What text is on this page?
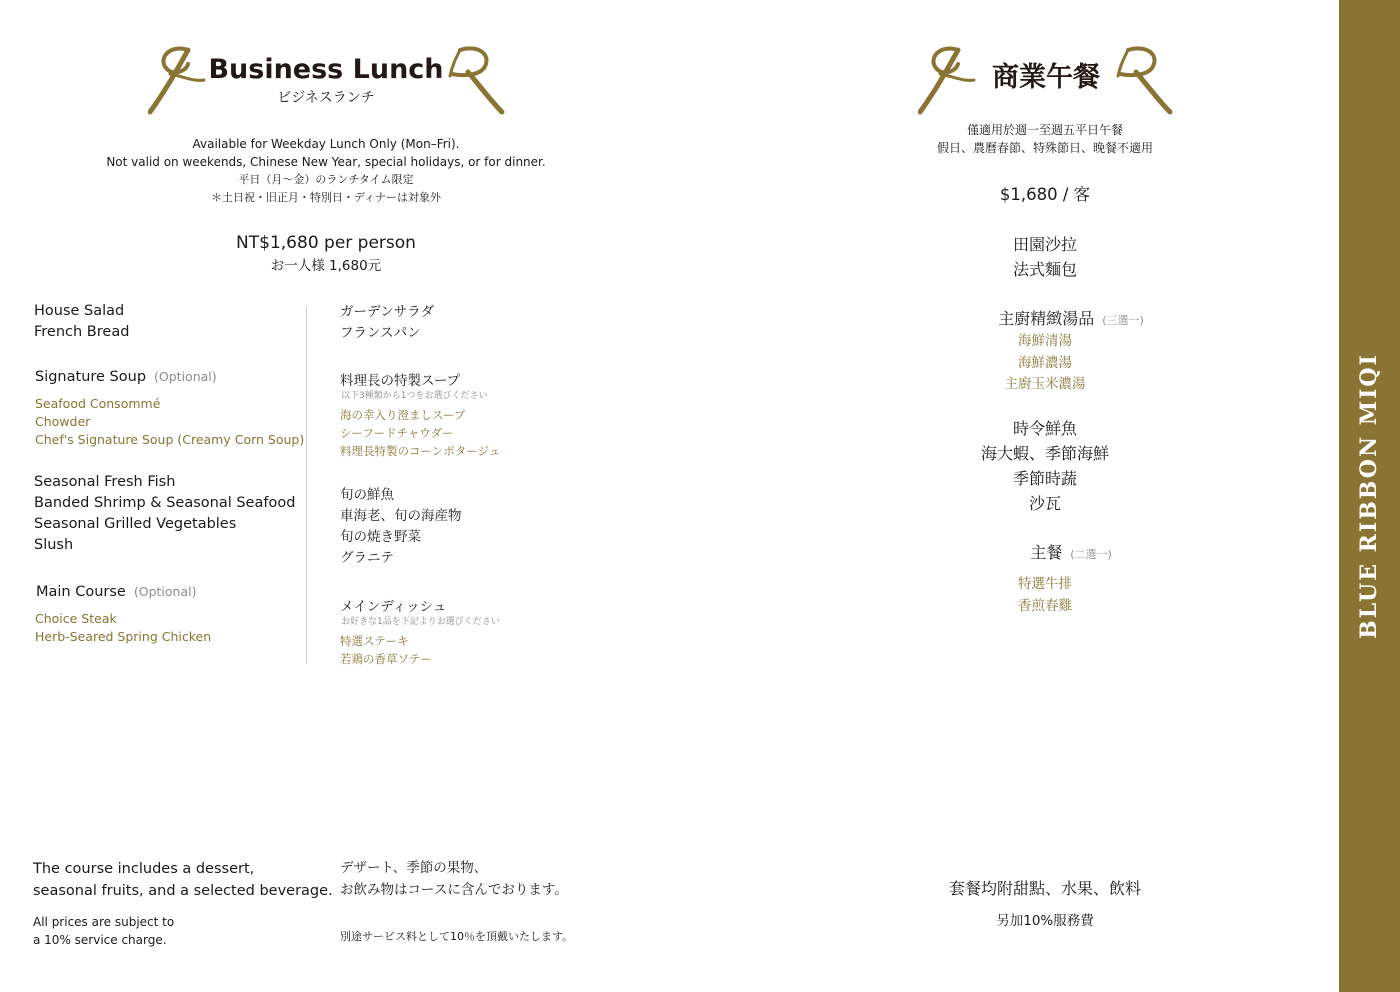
Business Lunch
ビジネスランチ
Available for Weekday Lunch Only (Mon–Fri).
Not valid on weekends, Chinese New Year, special holidays, or for dinner.
平日（月～金）のランチタイム限定
＊土日祝・旧正月・特別日・ディナーは対象外
NT$1,680 per person
お一人様 1,680元
House Salad
French Bread
Signature Soup (Optional)
Seafood Consommé
Chowder
Chef's Signature Soup (Creamy Corn Soup)
Seasonal Fresh Fish
Banded Shrimp & Seasonal Seafood
Seasonal Grilled Vegetables
Slush
Main Course (Optional)
Choice Steak
Herb-Seared Spring Chicken
ガーデンサラダ
フランスパン
料理長の特製スープ
以下3種類から1つをお選びください
海の幸入り澄ましスープ
シーフードチャウダー
料理長特製のコーンポタージュ
旬の鮮魚
車海老、旬の海産物
旬の焼き野菜
グラニテ
メインディッシュ
お好きな1品を下記よりお選びください
特選ステーキ
若鶏の香草ソテー
The course includes a dessert,
seasonal fruits, and a selected beverage.
All prices are subject to
a 10% service charge.
デザート、季節の果物、
お飲み物はコースに含んでおります。
別途サービス料として10％を頂戴いたします。
商業午餐
僅適用於週一至週五平日午餐
假日、農曆春節、特殊節日、晚餐不適用
$1,680 / 客
田園沙拉
法式麵包
主廚精緻湯品 (三選一)
海鮮清湯
海鮮濃湯
主廚玉米濃湯
時令鮮魚
海大蝦、季節海鮮
季節時蔬
沙瓦
主餐 (二選一)
特選牛排
香煎春雞
套餐均附甜點、水果、飲料
另加10%服務費
BLUE RIBBON MIQI
